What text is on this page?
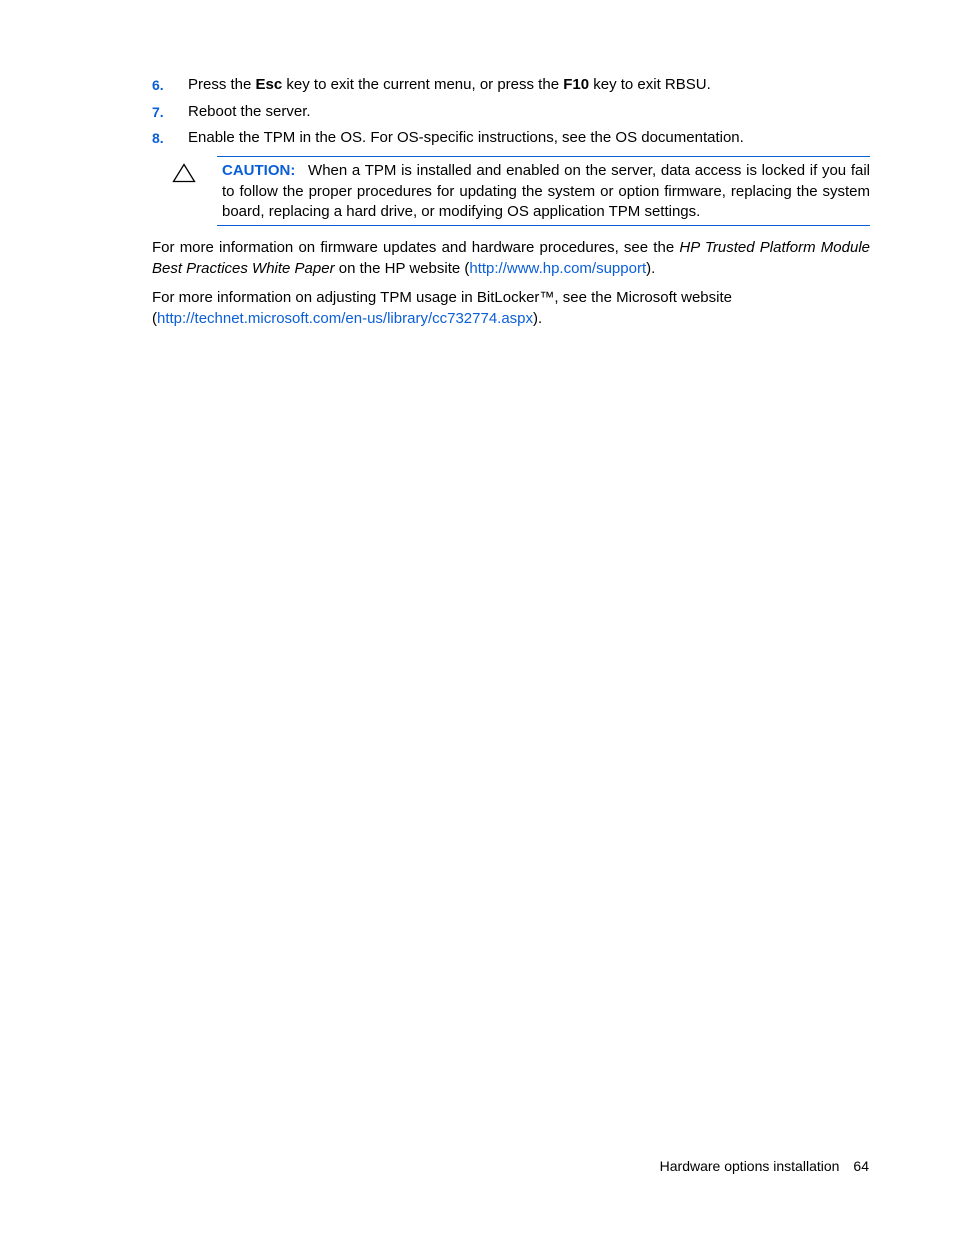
6. Press the Esc key to exit the current menu, or press the F10 key to exit RBSU.
7. Reboot the server.
8. Enable the TPM in the OS. For OS-specific instructions, see the OS documentation.
CAUTION: When a TPM is installed and enabled on the server, data access is locked if you fail to follow the proper procedures for updating the system or option firmware, replacing the system board, replacing a hard drive, or modifying OS application TPM settings.
For more information on firmware updates and hardware procedures, see the HP Trusted Platform Module Best Practices White Paper on the HP website (http://www.hp.com/support).
For more information on adjusting TPM usage in BitLocker™, see the Microsoft website (http://technet.microsoft.com/en-us/library/cc732774.aspx).
Hardware options installation 64
